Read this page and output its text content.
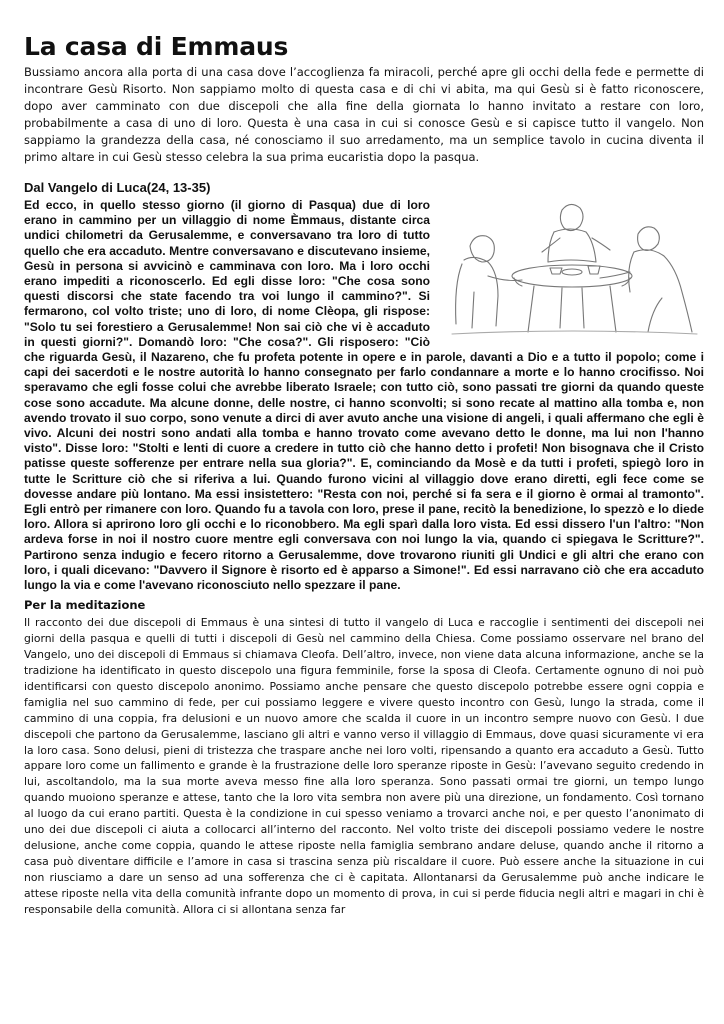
La casa di Emmaus

Bussiamo ancora alla porta di una casa dove l’accoglienza fa miracoli, perché apre gli occhi della fede e permette di incontrare Gesù Risorto. Non sappiamo molto di questa casa e di chi vi abita, ma qui Gesù si è fatto riconoscere, dopo aver camminato con due discepoli che alla fine della giornata lo hanno invitato a restare con loro, probabilmente a casa di uno di loro. Questa è una casa in cui si conosce Gesù e si capisce tutto il vangelo. Non sappiamo la grandezza della casa, né conosciamo il suo arredamento, ma un semplice tavolo in cucina diventa il primo altare in cui Gesù stesso celebra la sua prima eucaristia dopo la pasqua.

Dal Vangelo di Luca(24, 13-35)

Ed ecco, in quello stesso giorno (il giorno di Pasqua) due di loro erano in cammino per un villaggio di nome Èmmaus, distante circa undici chilometri da Gerusalemme, e conversavano tra loro di tutto quello che era accaduto. Mentre conversavano e discutevano insieme, Gesù in persona si avvicinò e camminava con loro. Ma i loro occhi erano impediti a riconoscerlo. Ed egli disse loro: "Che cosa sono questi discorsi che state facendo tra voi lungo il cammino?". Si fermarono, col volto triste; uno di loro, di nome Clèopa, gli rispose: "Solo tu sei forestiero a Gerusalemme! Non sai ciò che vi è accaduto in questi giorni?". Domandò loro: "Che cosa?". Gli risposero: "Ciò che riguarda Gesù, il Nazareno, che fu profeta potente in opere e in parole, davanti a Dio e a tutto il popolo; come i capi dei sacerdoti e le nostre autorità lo hanno consegnato per farlo condannare a morte e lo hanno crocifisso. Noi speravamo che egli fosse colui che avrebbe liberato Israele; con tutto ciò, sono passati tre giorni da quando queste cose sono accadute. Ma alcune donne, delle nostre, ci hanno sconvolti; si sono recate al mattino alla tomba e, non avendo trovato il suo corpo, sono venute a dirci di aver avuto anche una visione di angeli, i quali affermano che egli è vivo. Alcuni dei nostri sono andati alla tomba e hanno trovato come avevano detto le donne, ma lui non l'hanno visto". Disse loro: "Stolti e lenti di cuore a credere in tutto ciò che hanno detto i profeti! Non bisognava che il Cristo patisse queste sofferenze per entrare nella sua gloria?". E, cominciando da Mosè e da tutti i profeti, spiegò loro in tutte le Scritture ciò che si riferiva a lui. Quando furono vicini al villaggio dove erano diretti, egli fece come se dovesse andare più lontano. Ma essi insistettero: "Resta con noi, perché si fa sera e il giorno è ormai al tramonto". Egli entrò per rimanere con loro. Quando fu a tavola con loro, prese il pane, recitò la benedizione, lo spezzò e lo diede loro. Allora si aprirono loro gli occhi e lo riconobbero. Ma egli sparì dalla loro vista. Ed essi dissero l'un l'altro: "Non ardeva forse in noi il nostro cuore mentre egli conversava con noi lungo la via, quando ci spiegava le Scritture?". Partirono senza indugio e fecero ritorno a Gerusalemme, dove trovarono riuniti gli Undici e gli altri che erano con loro, i quali dicevano: "Davvero il Signore è risorto ed è apparso a Simone!". Ed essi narravano ciò che era accaduto lungo la via e come l'avevano riconosciuto nello spezzare il pane.

Per la meditazione

Il racconto dei due discepoli di Emmaus è una sintesi di tutto il vangelo di Luca e raccoglie i sentimenti dei discepoli nei giorni della pasqua e quelli di tutti i discepoli di Gesù nel cammino della Chiesa. Come possiamo osservare nel brano del Vangelo, uno dei discepoli di Emmaus si chiamava Cleofa. Dell’altro, invece, non viene data alcuna informazione, anche se la tradizione ha identificato in questo discepolo una figura femminile, forse la sposa di Cleofa. Certamente ognuno di noi può identificarsi con questo discepolo anonimo. Possiamo anche pensare che questo discepolo potrebbe essere ogni coppia e famiglia nel suo cammino di fede, per cui possiamo leggere e vivere questo incontro con Gesù, lungo la strada, come il cammino di una coppia, fra delusioni e un nuovo amore che scalda il cuore in un incontro sempre nuovo con Gesù. I due discepoli che partono da Gerusalemme, lasciano gli altri e vanno verso il villaggio di Emmaus, dove quasi sicuramente vi era la loro casa. Sono delusi, pieni di tristezza che traspare anche nei loro volti, ripensando a quanto era accaduto a Gesù. Tutto appare loro come un fallimento e grande è la frustrazione delle loro speranze riposte in Gesù: l’avevano seguito credendo in lui, ascoltandolo, ma la sua morte aveva messo fine alla loro speranza. Sono passati ormai tre giorni, un tempo lungo quando muoiono speranze e attese, tanto che la loro vita sembra non avere più una direzione, un fondamento. Così tornano al luogo da cui erano partiti. Questa è la condizione in cui spesso veniamo a trovarci anche noi, e per questo l’anonimato di uno dei due discepoli ci aiuta a collocarci all’interno del racconto. Nel volto triste dei discepoli possiamo vedere le nostre delusione, anche come coppia, quando le attese riposte nella famiglia sembrano andare deluse, quando anche il ritorno a casa può diventare difficile e l’amore in casa si trascina senza più riscaldare il cuore. Può essere anche la situazione in cui non riusciamo a dare un senso ad una sofferenza che ci è capitata. Allontanarsi da Gerusalemme può anche indicare le attese riposte nella vita della comunità infrante dopo un momento di prova, in cui si perde fiducia negli altri e magari in chi è responsabile della comunità. Allora ci si allontana senza far
